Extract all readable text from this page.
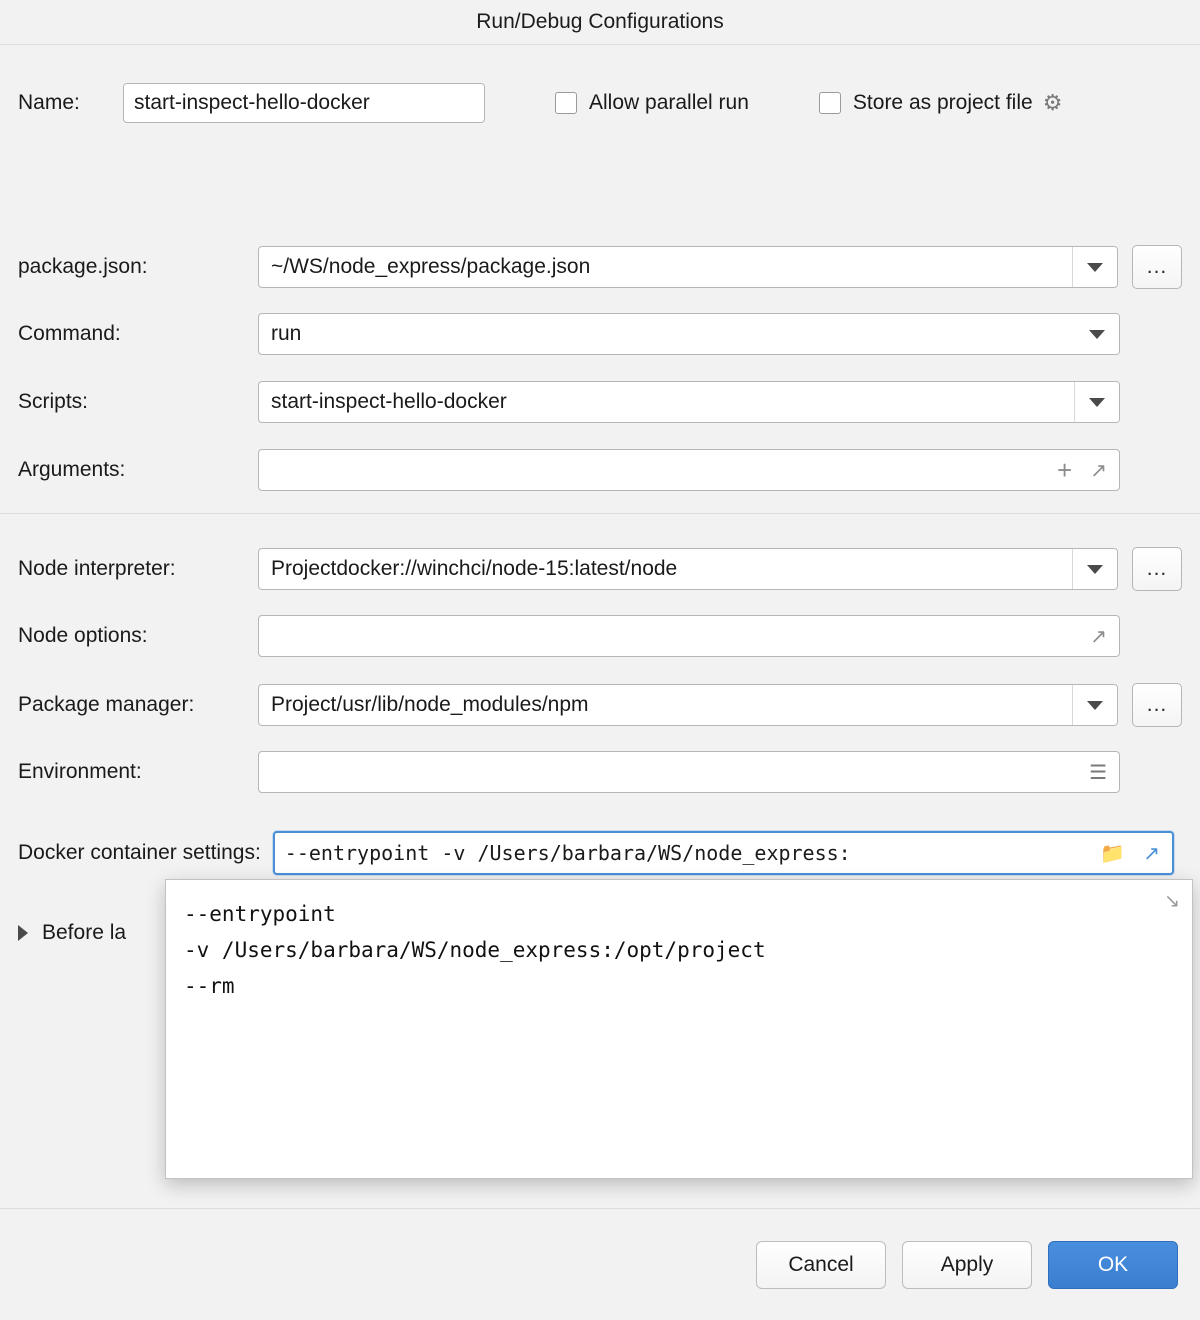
Run/Debug Configurations
Name:	start-inspect-hello-docker	Allow parallel run	Store as project file ⚙
package.json:	~/WS/node_express/package.json	...
Command:	run
Scripts:	start-inspect-hello-docker
Arguments:	+ ↗
Node interpreter:	Project docker://winchci/node-15:latest/node	...
Node options:	↗
Package manager:	Project /usr/lib/node_modules/npm	...
Environment:	☰
Docker container settings:	--entrypoint -v /Users/barbara/WS/node_express:	📁 ↗
Before la
--entrypoint
-v /Users/barbara/WS/node_express:/opt/project
--rm
↘
Cancel	Apply	OK
